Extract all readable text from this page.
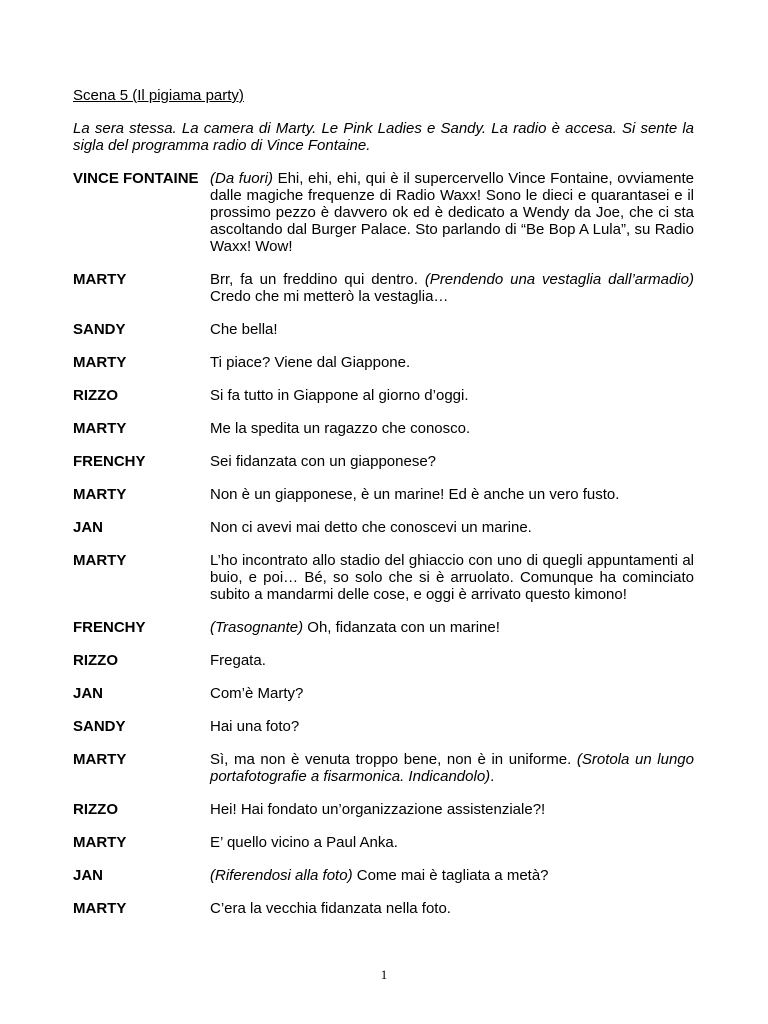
Scena 5 (Il pigiama party)
La sera stessa. La camera di Marty. Le Pink Ladies e Sandy. La radio è accesa. Si sente la sigla del programma radio di Vince Fontaine.
VINCE FONTAINE (Da fuori) Ehi, ehi, ehi, qui è il supercervello Vince Fontaine, ovviamente dalle magiche frequenze di Radio Waxx! Sono le dieci e quarantasei e il prossimo pezzo è davvero ok ed è dedicato a Wendy da Joe, che ci sta ascoltando dal Burger Palace. Sto parlando di “Be Bop A Lula”, su Radio Waxx! Wow!
MARTY	Brr, fa un freddino qui dentro. (Prendendo una vestaglia dall’armadio) Credo che mi metterò la vestaglia…
SANDY	Che bella!
MARTY	Ti piace? Viene dal Giappone.
RIZZO	Si fa tutto in Giappone al giorno d’oggi.
MARTY	Me la spedita un ragazzo che conosco.
FRENCHY	Sei fidanzata con un giapponese?
MARTY	Non è un giapponese, è un marine! Ed è anche un vero fusto.
JAN	Non ci avevi mai detto che conoscevi un marine.
MARTY	L’ho incontrato allo stadio del ghiaccio con uno di quegli appuntamenti al buio, e poi… Bé, so solo che si è arruolato. Comunque ha cominciato subito a mandarmi delle cose, e oggi è arrivato questo kimono!
FRENCHY	(Trasognante) Oh, fidanzata con un marine!
RIZZO	Fregata.
JAN	Com’è Marty?
SANDY	Hai una foto?
MARTY	Sì, ma non è venuta troppo bene, non è in uniforme. (Srotola un lungo portafotografie a fisarmonica. Indicandolo).
RIZZO	Hei! Hai fondato un’organizzazione assistenziale?!
MARTY	E’ quello vicino a Paul Anka.
JAN	(Riferendosi alla foto) Come mai è tagliata a metà?
MARTY	C’era la vecchia fidanzata nella foto.
1
